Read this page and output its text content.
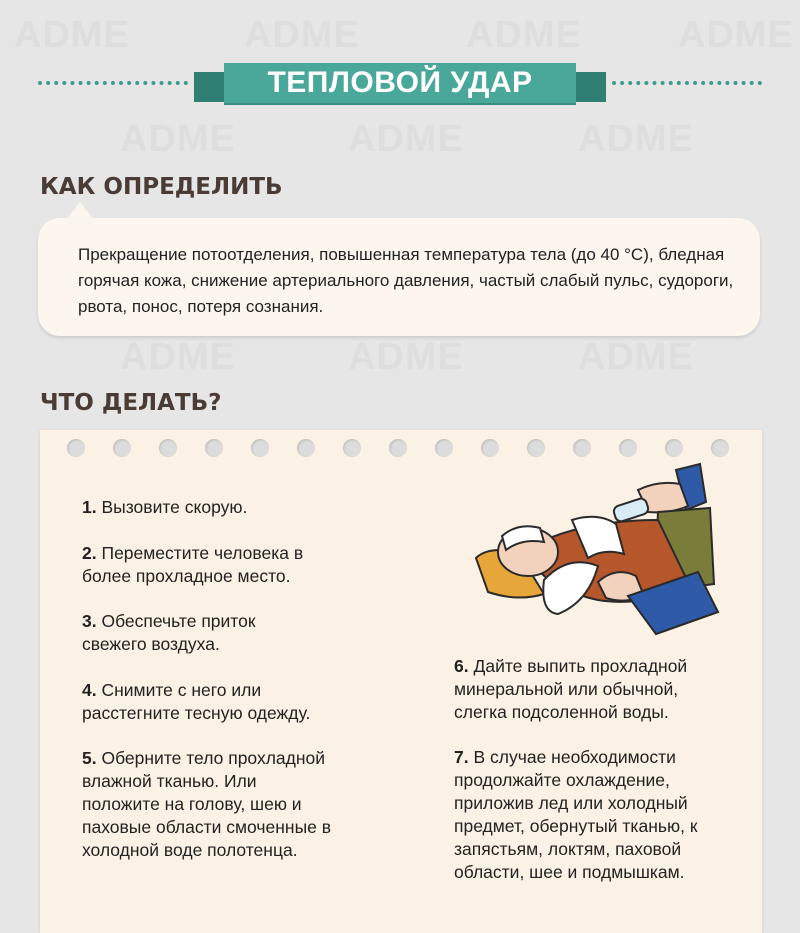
ADME	ADME	ADME	ADME
ADME	ADME	ADME
ADME	ADME	ADME
ТЕПЛОВОЙ УДАР
КАК ОПРЕДЕЛИТЬ
Прекращение потоотделения, повышенная температура тела (до 40 °С), бледная горячая кожа, снижение артериального давления, частый слабый пульс, судороги, рвота, понос, потеря сознания.
ЧТО ДЕЛАТЬ?
1. Вызовите скорую.
2. Переместите человека в более прохладное место.
3. Обеспечьте приток свежего воздуха.
4. Снимите с него или расстегните тесную одежду.
5. Оберните тело прохладной влажной тканью. Или положите на голову, шею и паховые области смоченные в холодной воде полотенца.
6. Дайте выпить прохладной минеральной или обычной, слегка подсоленной воды.
7. В случае необходимости продолжайте охлаждение, приложив лед или холодный предмет, обернутый тканью, к запястьям, локтям, паховой области, шее и подмышкам.
